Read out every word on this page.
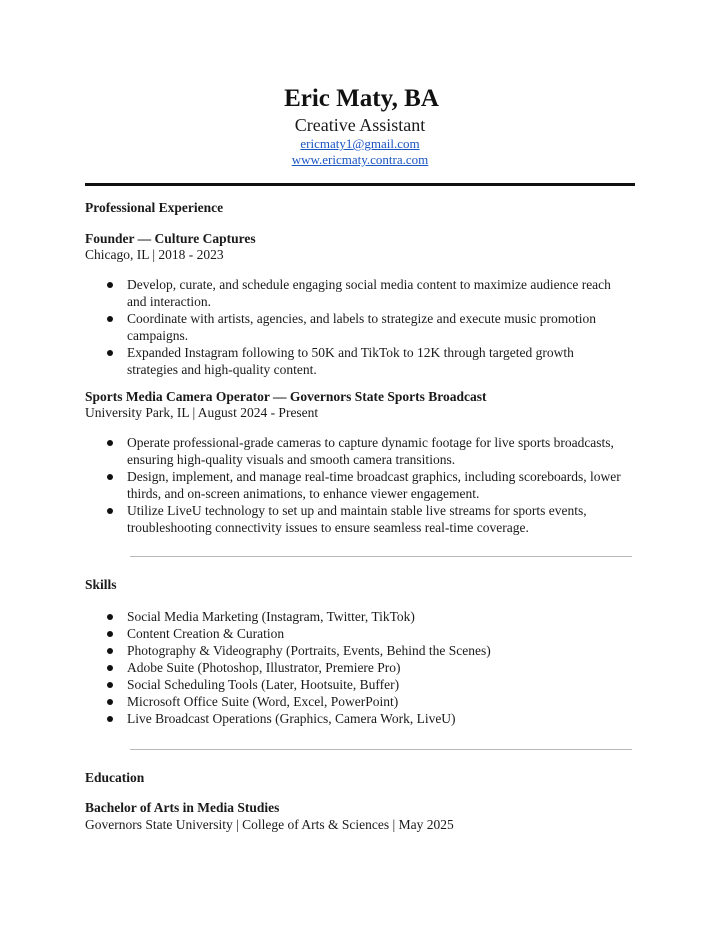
Eric Maty, BA
Creative Assistant
ericmaty1@gmail.com
www.ericmaty.contra.com
Professional Experience
Founder — Culture Captures
Chicago, IL | 2018 - 2023
Develop, curate, and schedule engaging social media content to maximize audience reach and interaction.
Coordinate with artists, agencies, and labels to strategize and execute music promotion campaigns.
Expanded Instagram following to 50K and TikTok to 12K through targeted growth strategies and high-quality content.
Sports Media Camera Operator — Governors State Sports Broadcast
University Park, IL | August 2024 - Present
Operate professional-grade cameras to capture dynamic footage for live sports broadcasts, ensuring high-quality visuals and smooth camera transitions.
Design, implement, and manage real-time broadcast graphics, including scoreboards, lower thirds, and on-screen animations, to enhance viewer engagement.
Utilize LiveU technology to set up and maintain stable live streams for sports events, troubleshooting connectivity issues to ensure seamless real-time coverage.
Skills
Social Media Marketing (Instagram, Twitter, TikTok)
Content Creation & Curation
Photography & Videography (Portraits, Events, Behind the Scenes)
Adobe Suite (Photoshop, Illustrator, Premiere Pro)
Social Scheduling Tools (Later, Hootsuite, Buffer)
Microsoft Office Suite (Word, Excel, PowerPoint)
Live Broadcast Operations (Graphics, Camera Work, LiveU)
Education
Bachelor of Arts in Media Studies
Governors State University | College of Arts & Sciences | May 2025
